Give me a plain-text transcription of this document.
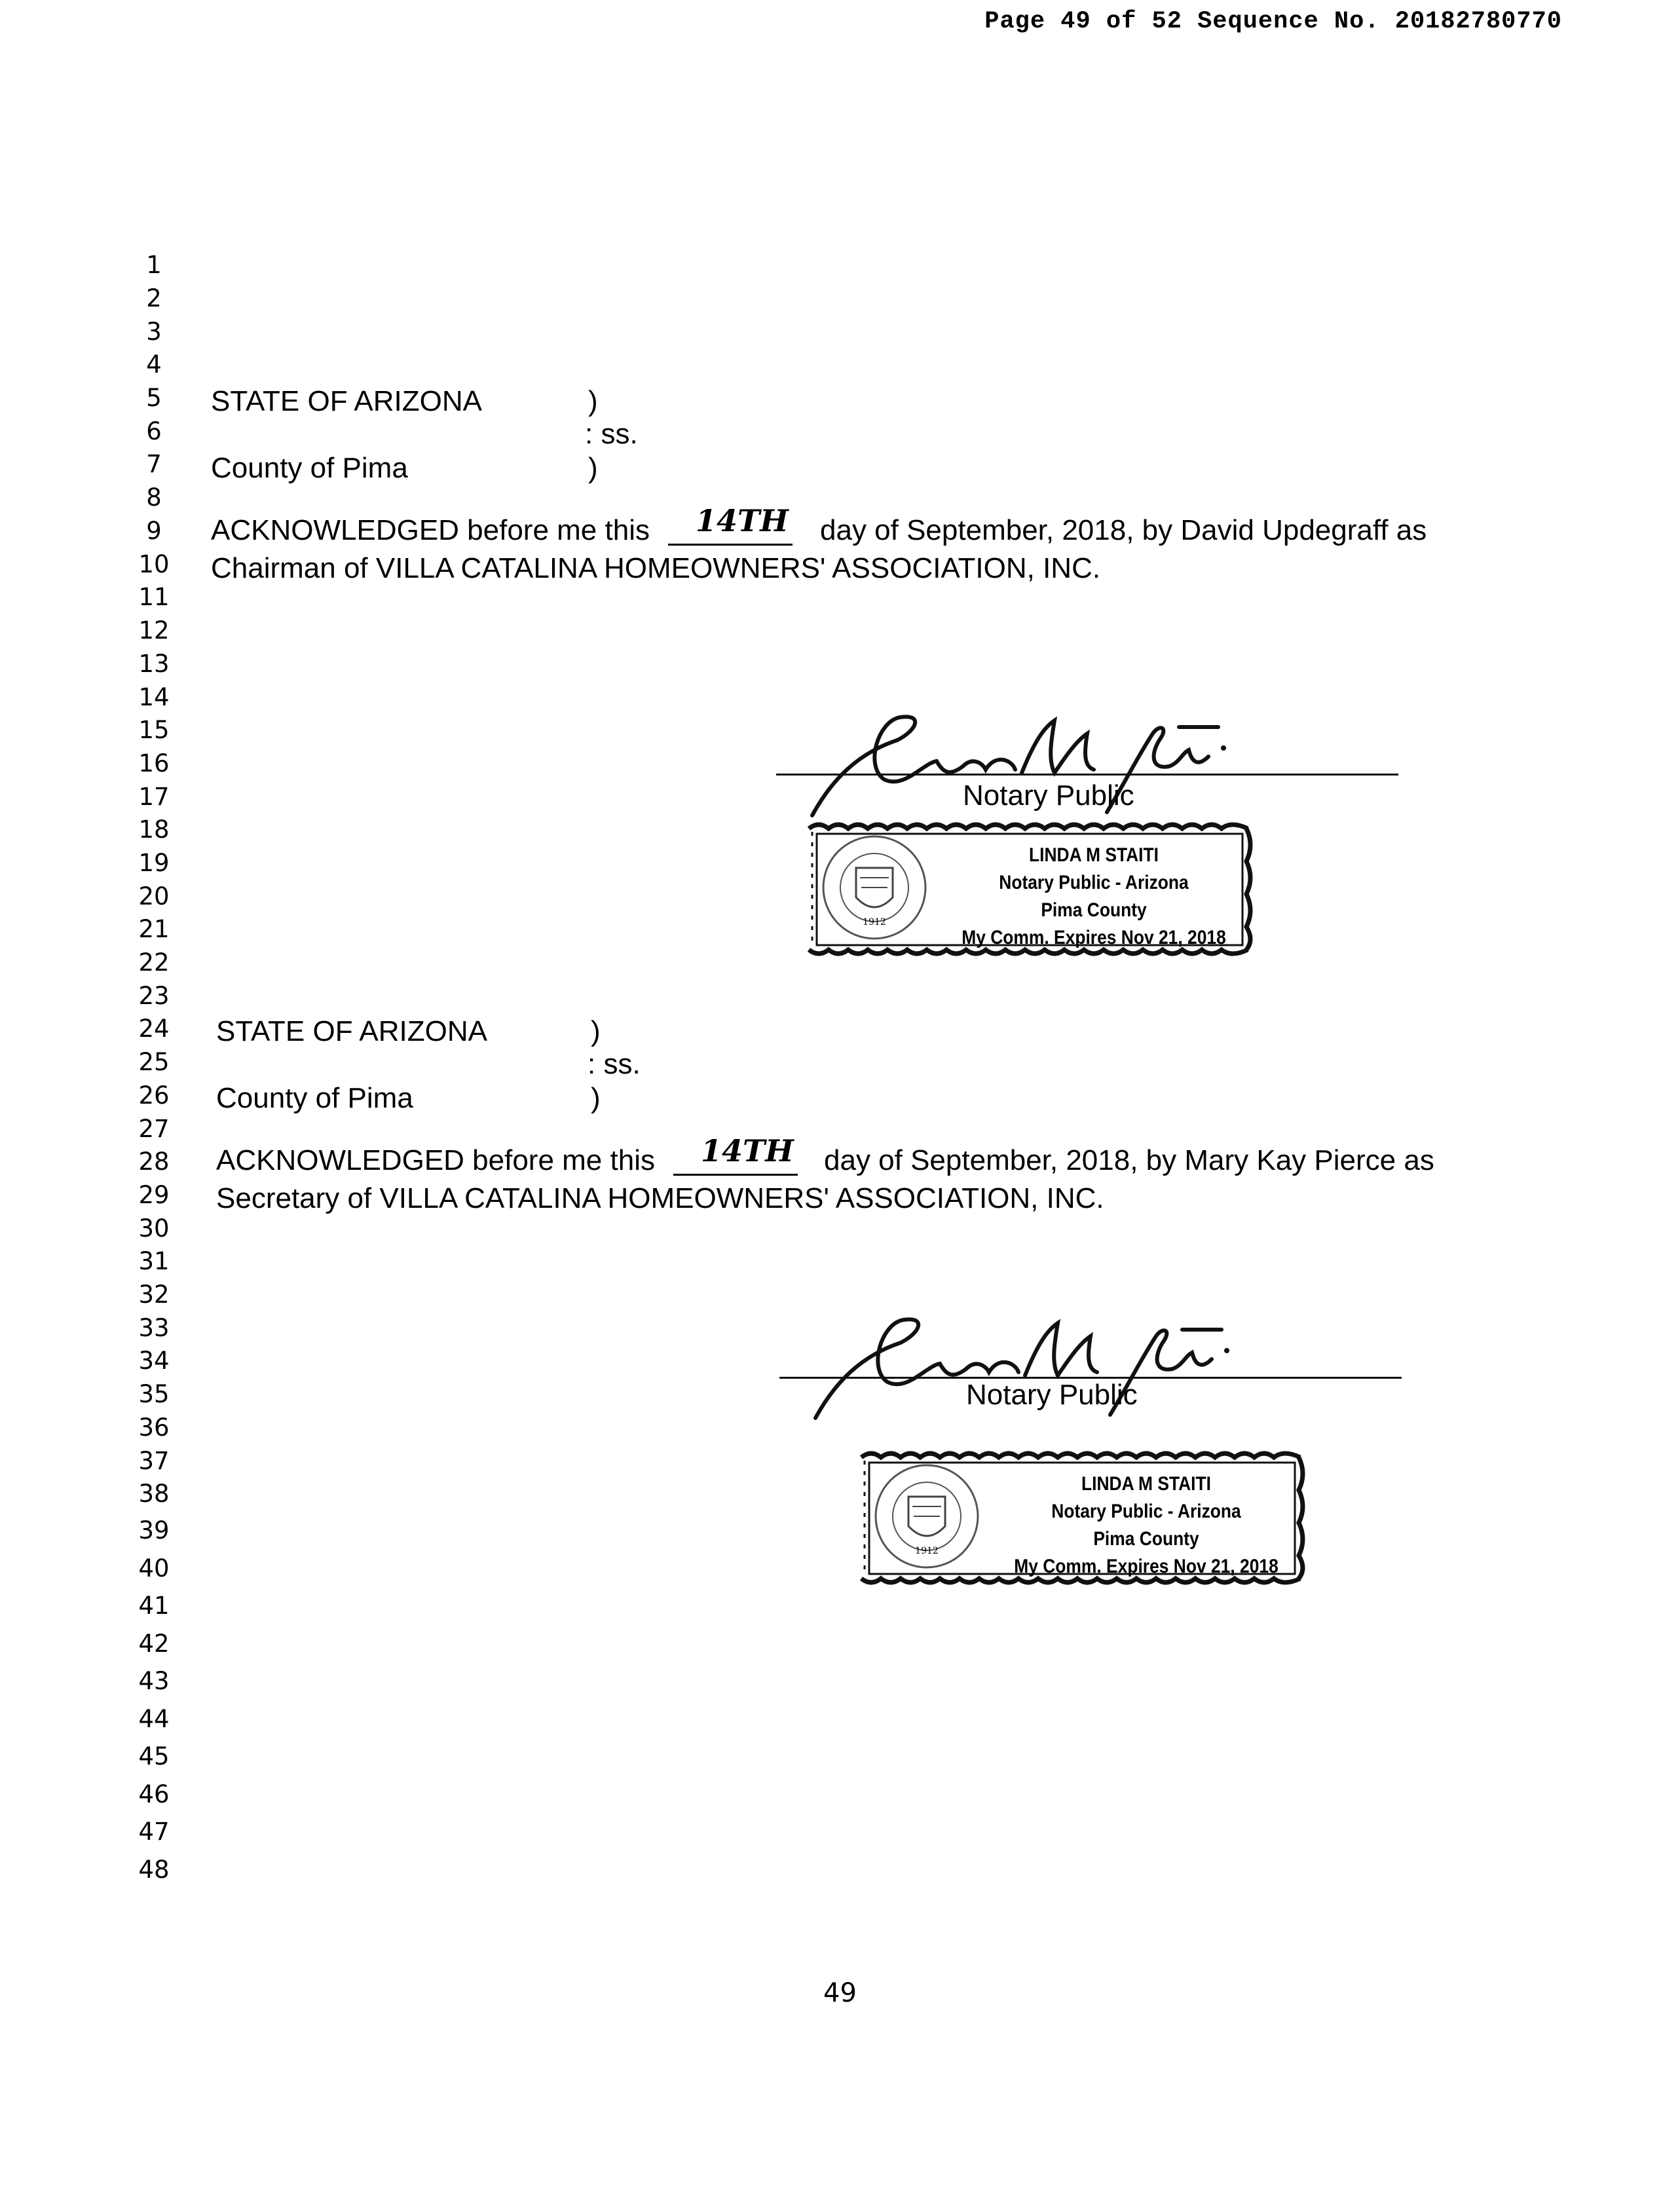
Page 49 of 52 Sequence No. 20182780770
1
2
3
4
5
6
7
8
9
10
11
12
13
14
15
16
17
18
19
20
21
22
23
24
25
26
27
28
29
30
31
32
33
34
35
36
37
38
39
40
41
42
43
44
45
46
47
48
STATE OF ARIZONA	)
: ss.
County of Pima	)
ACKNOWLEDGED before me this 14TH day of September, 2018, by David Updegraff as
Chairman of VILLA CATALINA HOMEOWNERS' ASSOCIATION, INC.
Notary Public
1912
LINDA M STAITI
Notary Public - Arizona
Pima County
My Comm. Expires Nov 21, 2018
STATE OF ARIZONA	)
: ss.
County of Pima	)
ACKNOWLEDGED before me this 14TH day of September, 2018, by Mary Kay Pierce as
Secretary of VILLA CATALINA HOMEOWNERS' ASSOCIATION, INC.
Notary Public
1912
LINDA M STAITI
Notary Public - Arizona
Pima County
My Comm. Expires Nov 21, 2018
49
